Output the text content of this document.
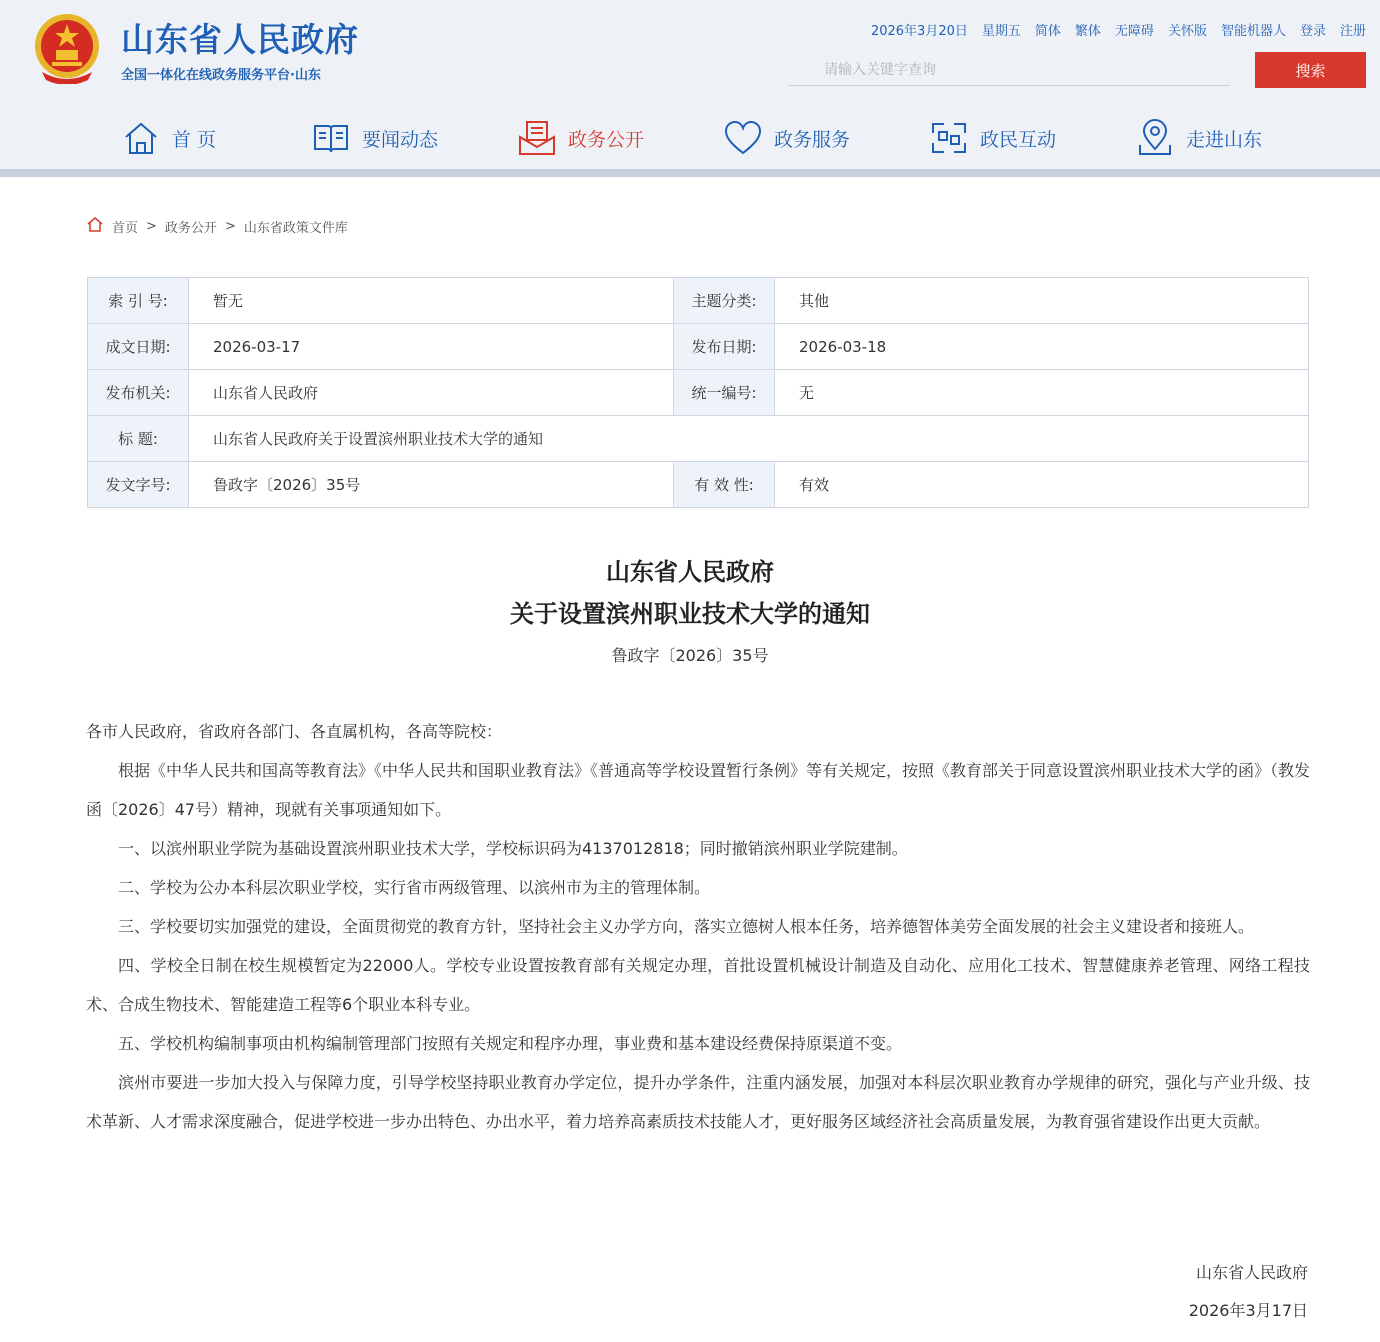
山东省人民政府
全国一体化在线政务服务平台·山东
2026年3月20日 星期五 简体 繁体 无障碍 关怀版 智能机器人 登录 注册
请输入关键字查询
搜索
首 页	要闻动态	政务公开	政务服务	政民互动	走进山东
首页 > 政务公开 > 山东省政策文件库
索 引 号:	暂无	主题分类:	其他
成文日期:	2026-03-17	发布日期:	2026-03-18
发布机关:	山东省人民政府	统一编号:	无
标 题:	山东省人民政府关于设置滨州职业技术大学的通知		
发文字号:	鲁政字〔2026〕35号	有 效 性:	有效
山东省人民政府
关于设置滨州职业技术大学的通知
鲁政字〔2026〕35号

各市人民政府，省政府各部门、各直属机构，各高等院校：

根据《中华人民共和国高等教育法》《中华人民共和国职业教育法》《普通高等学校设置暂行条例》等有关规定，按照《教育部关于同意设置滨州职业技术大学的函》（教发函〔2026〕47号）精神，现就有关事项通知如下。

一、以滨州职业学院为基础设置滨州职业技术大学，学校标识码为4137012818；同时撤销滨州职业学院建制。

二、学校为公办本科层次职业学校，实行省市两级管理、以滨州市为主的管理体制。

三、学校要切实加强党的建设，全面贯彻党的教育方针，坚持社会主义办学方向，落实立德树人根本任务，培养德智体美劳全面发展的社会主义建设者和接班人。

四、学校全日制在校生规模暂定为22000人。学校专业设置按教育部有关规定办理，首批设置机械设计制造及自动化、应用化工技术、智慧健康养老管理、网络工程技术、合成生物技术、智能建造工程等6个职业本科专业。

五、学校机构编制事项由机构编制管理部门按照有关规定和程序办理，事业费和基本建设经费保持原渠道不变。

滨州市要进一步加大投入与保障力度，引导学校坚持职业教育办学定位，提升办学条件，注重内涵发展，加强对本科层次职业教育办学规律的研究，强化与产业升级、技术革新、人才需求深度融合，促进学校进一步办出特色、办出水平，着力培养高素质技术技能人才，更好服务区域经济社会高质量发展，为教育强省建设作出更大贡献。

山东省人民政府
2026年3月17日
